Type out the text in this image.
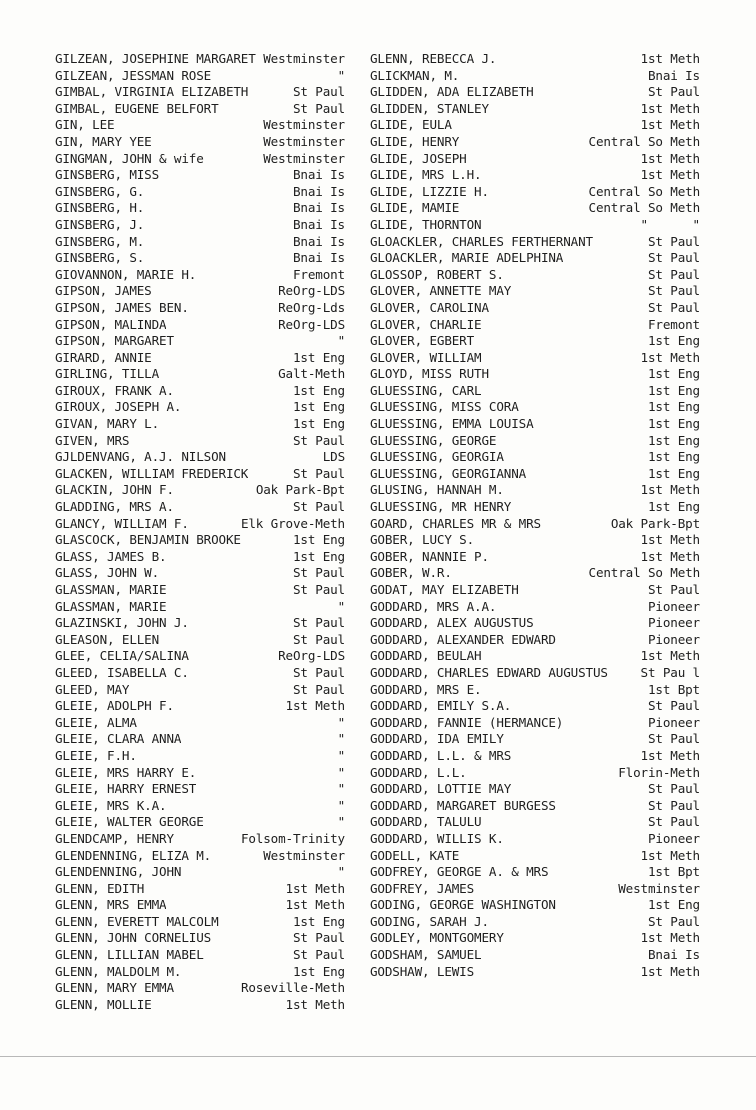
GILZEAN, JOSEPHINE MARGARET Westminster
GILZEAN, JESSMAN ROSE	"
GIMBAL, VIRGINIA ELIZABETH	St Paul
GIMBAL, EUGENE BELFORT	St Paul
GIN, LEE	Westminster
GIN, MARY YEE	Westminster
GINGMAN, JOHN & wife	Westminster
GINSBERG, MISS	Bnai Is
GINSBERG, G.	Bnai Is
GINSBERG, H.	Bnai Is
GINSBERG, J.	Bnai Is
GINSBERG, M.	Bnai Is
GINSBERG, S.	Bnai Is
GIOVANNON, MARIE H.	Fremont
GIPSON, JAMES	ReOrg-LDS
GIPSON, JAMES BEN.	ReOrg-Lds
GIPSON, MALINDA	ReOrg-LDS
GIPSON, MARGARET	"
GIRARD, ANNIE	1st Eng
GIRLING, TILLA	Galt-Meth
GIROUX, FRANK A.	1st Eng
GIROUX, JOSEPH A.	1st Eng
GIVAN, MARY L.	1st Eng
GIVEN, MRS	St Paul
GJLDENVANG, A.J. NILSON	LDS
GLACKEN, WILLIAM FREDERICK	St Paul
GLACKIN, JOHN F.	Oak Park-Bpt
GLADDING, MRS A.	St Paul
GLANCY, WILLIAM F.	Elk Grove-Meth
GLASCOCK, BENJAMIN BROOKE	1st Eng
GLASS, JAMES B.	1st Eng
GLASS, JOHN W.	St Paul
GLASSMAN, MARIE	St Paul
GLASSMAN, MARIE	"
GLAZINSKI, JOHN J.	St Paul
GLEASON, ELLEN	St Paul
GLEE, CELIA/SALINA	ReOrg-LDS
GLEED, ISABELLA C.	St Paul
GLEED, MAY	St Paul
GLEIE, ADOLPH F.	1st Meth
GLEIE, ALMA	"
GLEIE, CLARA ANNA	"
GLEIE, F.H.	"
GLEIE, MRS HARRY E.	"
GLEIE, HARRY ERNEST	"
GLEIE, MRS K.A.	"
GLEIE, WALTER GEORGE	"
GLENDCAMP, HENRY	Folsom-Trinity
GLENDENNING, ELIZA M.	Westminster
GLENDENNING, JOHN	"
GLENN, EDITH	1st Meth
GLENN, MRS EMMA	1st Meth
GLENN, EVERETT MALCOLM	1st Eng
GLENN, JOHN CORNELIUS	St Paul
GLENN, LILLIAN MABEL	St Paul
GLENN, MALDOLM M.	1st Eng
GLENN, MARY EMMA	Roseville-Meth
GLENN, MOLLIE	1st Meth
GLENN, REBECCA J.	1st Meth
GLICKMAN, M.	Bnai Is
GLIDDEN, ADA ELIZABETH	St Paul
GLIDDEN, STANLEY	1st Meth
GLIDE, EULA	1st Meth
GLIDE, HENRY	Central So Meth
GLIDE, JOSEPH	1st Meth
GLIDE, MRS L.H.	1st Meth
GLIDE, LIZZIE H.	Central So Meth
GLIDE, MAMIE	Central So Meth
GLIDE, THORNTON	"      "
GLOACKLER, CHARLES FERTHERNANT	St Paul
GLOACKLER, MARIE ADELPHINA	St Paul
GLOSSOP, ROBERT S.	St Paul
GLOVER, ANNETTE MAY	St Paul
GLOVER, CAROLINA	St Paul
GLOVER, CHARLIE	Fremont
GLOVER, EGBERT	1st Eng
GLOVER, WILLIAM	1st Meth
GLOYD, MISS RUTH	1st Eng
GLUESSING, CARL	1st Eng
GLUESSING, MISS CORA	1st Eng
GLUESSING, EMMA LOUISA	1st Eng
GLUESSING, GEORGE	1st Eng
GLUESSING, GEORGIA	1st Eng
GLUESSING, GEORGIANNA	1st Eng
GLUSING, HANNAH M.	1st Meth
GLUESSING, MR HENRY	1st Eng
GOARD, CHARLES MR & MRS	Oak Park-Bpt
GOBER, LUCY S.	1st Meth
GOBER, NANNIE P.	1st Meth
GOBER, W.R.	Central So Meth
GODAT, MAY ELIZABETH	St Paul
GODDARD, MRS A.A.	Pioneer
GODDARD, ALEX AUGUSTUS	Pioneer
GODDARD, ALEXANDER EDWARD	Pioneer
GODDARD, BEULAH	1st Meth
GODDARD, CHARLES EDWARD AUGUSTUS	St Pau l
GODDARD, MRS E.	1st Bpt
GODDARD, EMILY S.A.	St Paul
GODDARD, FANNIE (HERMANCE)	Pioneer
GODDARD, IDA EMILY	St Paul
GODDARD, L.L. & MRS	1st Meth
GODDARD, L.L.	Florin-Meth
GODDARD, LOTTIE MAY	St Paul
GODDARD, MARGARET BURGESS	St Paul
GODDARD, TALULU	St Paul
GODDARD, WILLIS K.	Pioneer
GODELL, KATE	1st Meth
GODFREY, GEORGE A. & MRS	1st Bpt
GODFREY, JAMES	Westminster
GODING, GEORGE WASHINGTON	1st Eng
GODING, SARAH J.	St Paul
GODLEY, MONTGOMERY	1st Meth
GODSHAM, SAMUEL	Bnai Is
GODSHAW, LEWIS	1st Meth
